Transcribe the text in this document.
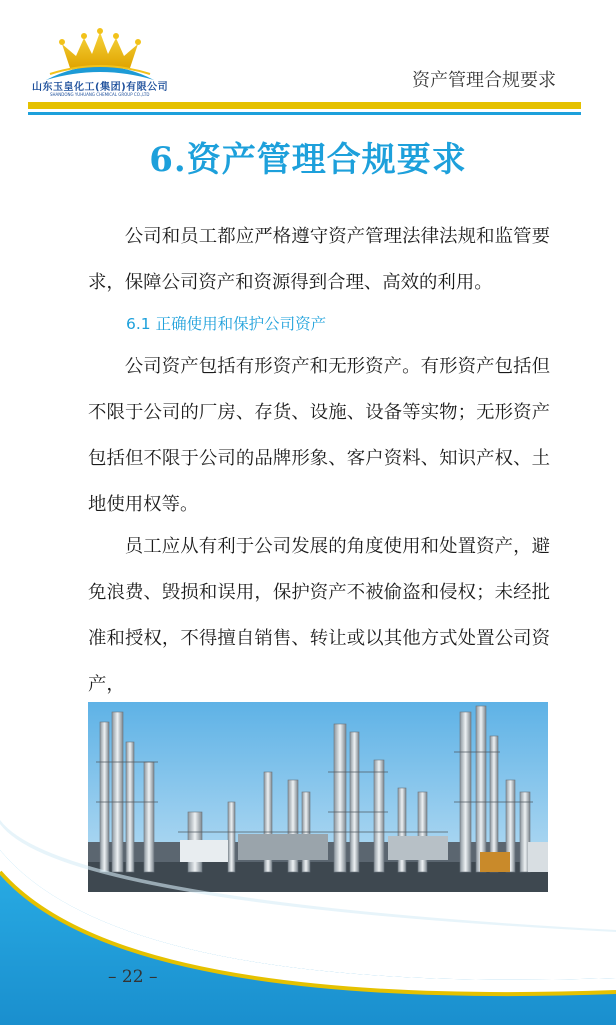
山东玉皇化工(集团)有限公司
SHANDONG YUHUANG CHEMICAL GROUP CO.,LTD
资产管理合规要求
6.资产管理合规要求

公司和员工都应严格遵守资产管理法律法规和监管要求，保障公司资产和资源得到合理、高效的利用。

6.1 正确使用和保护公司资产

公司资产包括有形资产和无形资产。有形资产包括但不限于公司的厂房、存货、设施、设备等实物；无形资产包括但不限于公司的品牌形象、客户资料、知识产权、土地使用权等。

员工应从有利于公司发展的角度使用和处置资产，避免浪费、毁损和误用，保护资产不被偷盗和侵权；未经批准和授权，不得擅自销售、转让或以其他方式处置公司资产，

– 22 –
